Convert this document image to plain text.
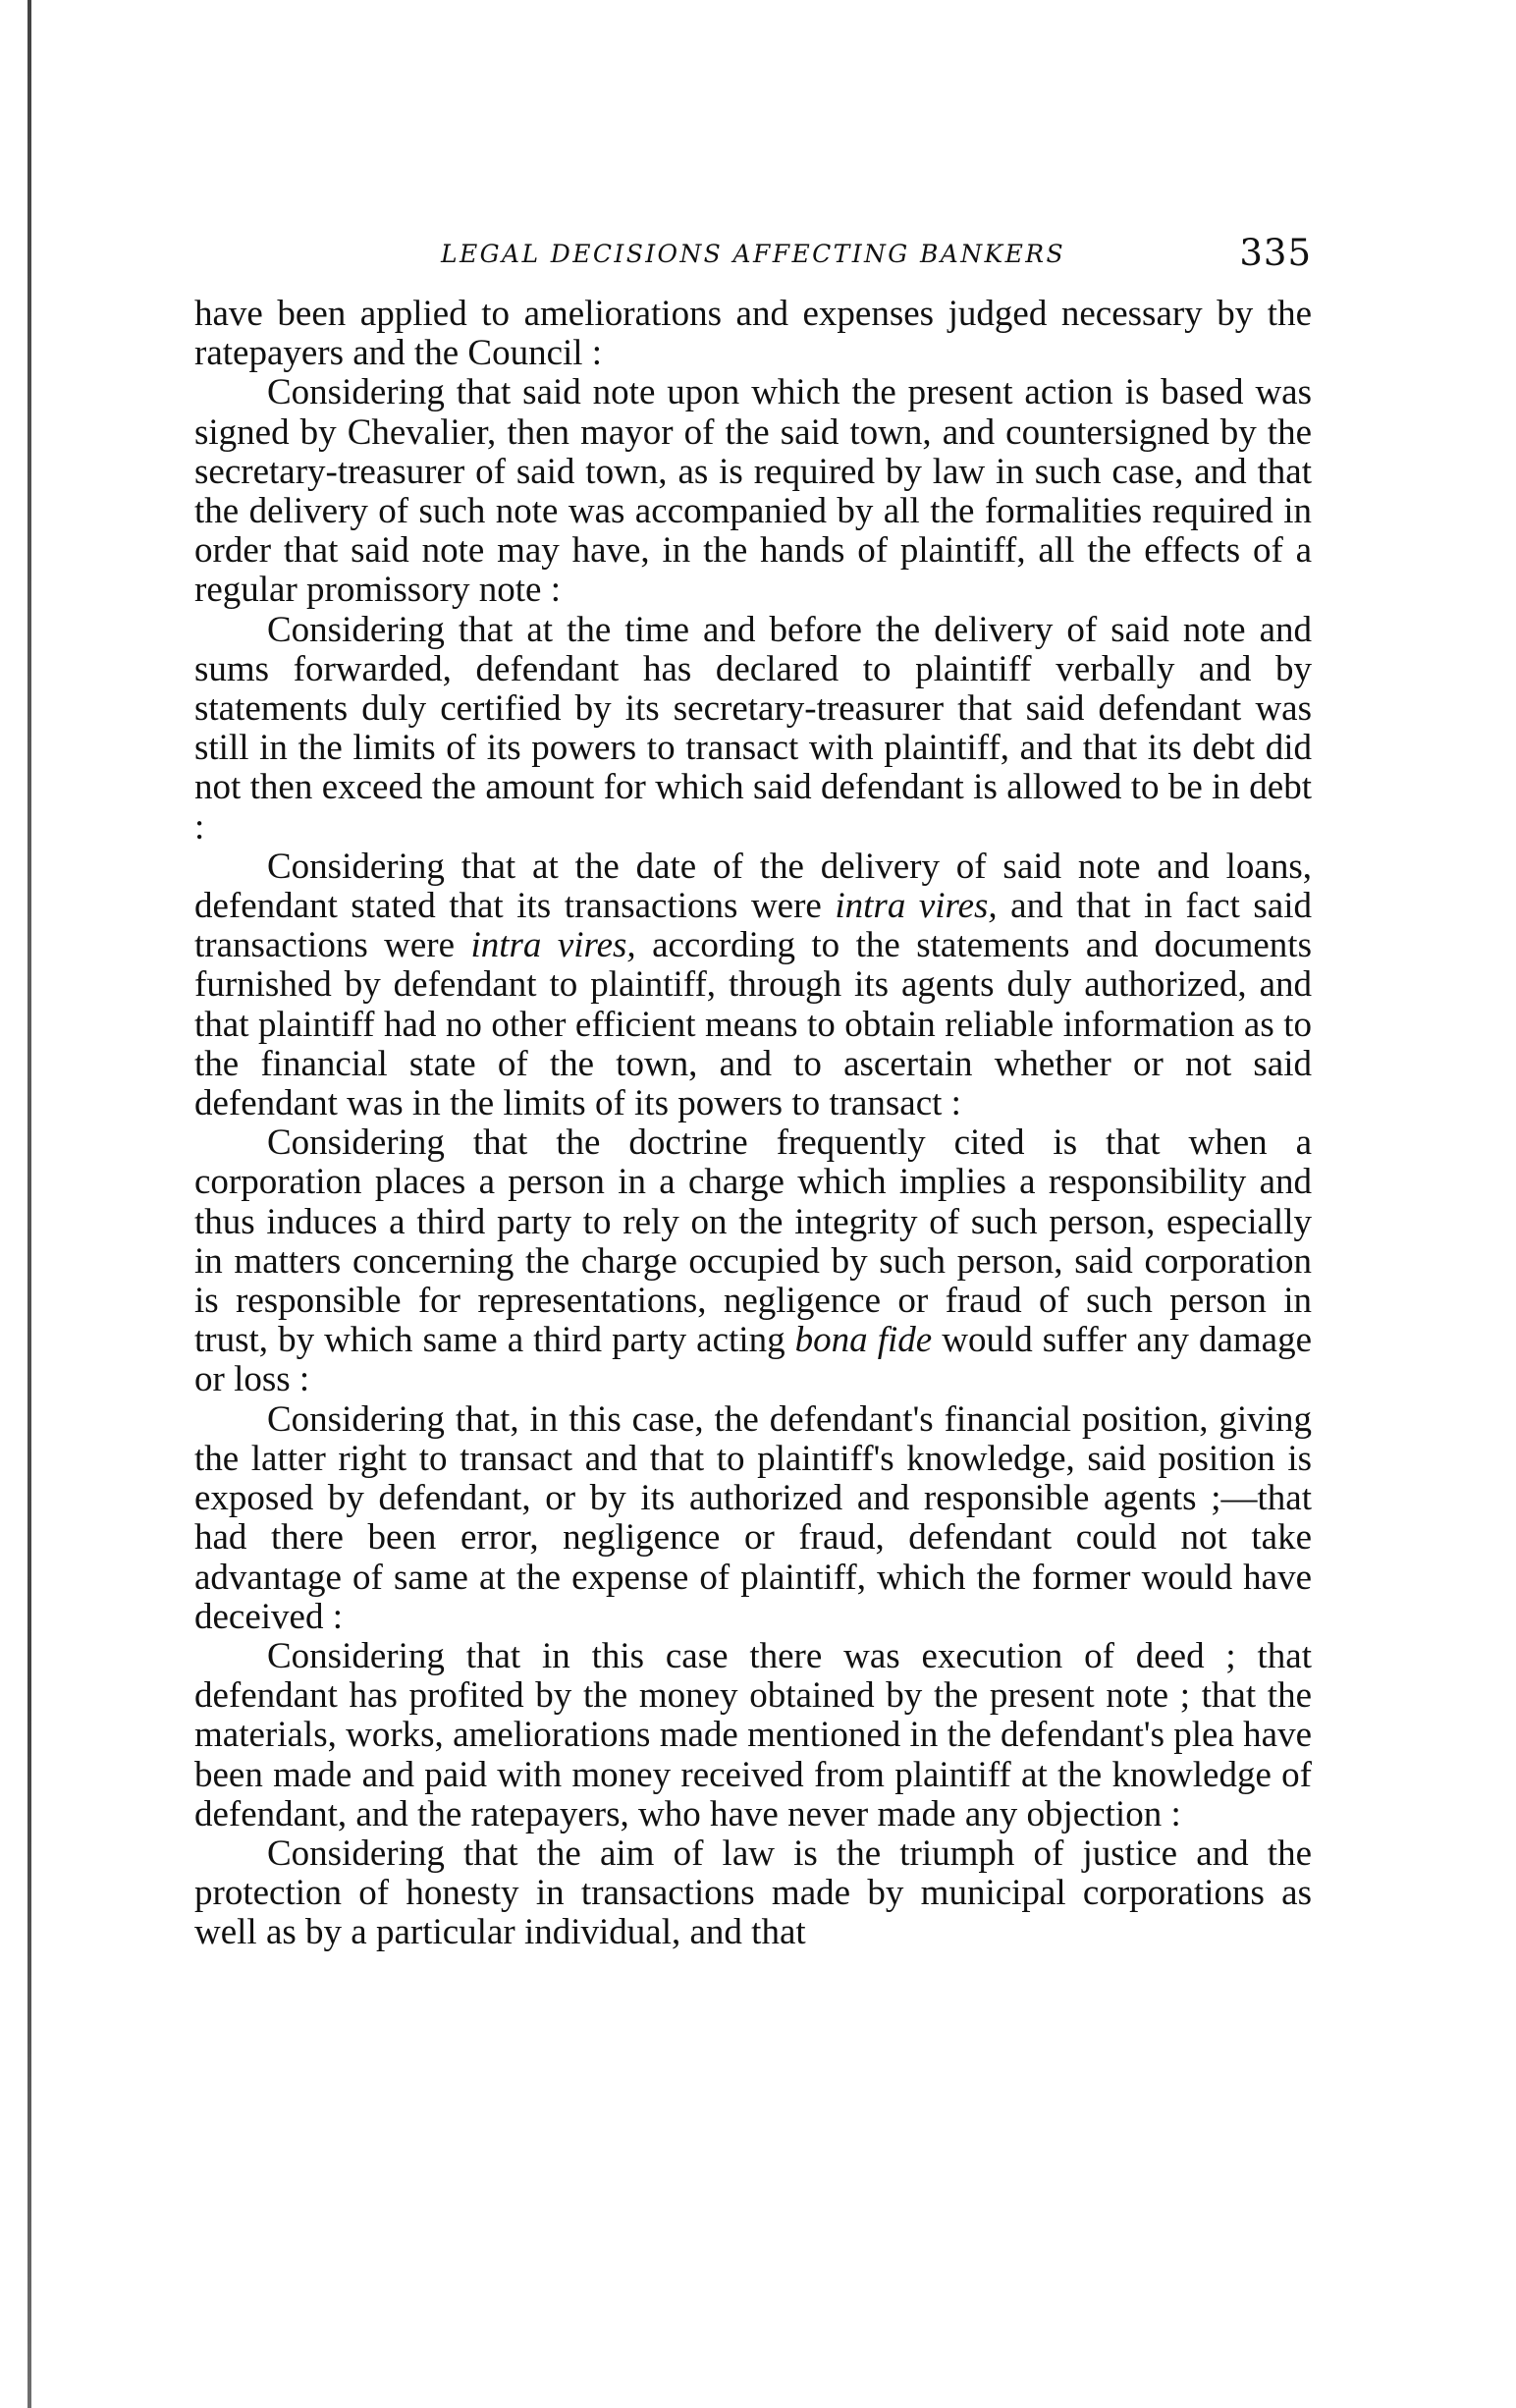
LEGAL DECISIONS AFFECTING BANKERS	335

have been applied to ameliorations and expenses judged necessary by the ratepayers and the Council :

Considering that said note upon which the present action is based was signed by Chevalier, then mayor of the said town, and countersigned by the secretary-treasurer of said town, as is required by law in such case, and that the delivery of such note was accompanied by all the formalities required in order that said note may have, in the hands of plaintiff, all the effects of a regular promissory note :

Considering that at the time and before the delivery of said note and sums forwarded, defendant has declared to plaintiff verbally and by statements duly certified by its secretary-treasurer that said defendant was still in the limits of its powers to transact with plaintiff, and that its debt did not then exceed the amount for which said defendant is allowed to be in debt :

Considering that at the date of the delivery of said note and loans, defendant stated that its transactions were intra vires, and that in fact said transactions were intra vires, according to the statements and documents furnished by defendant to plaintiff, through its agents duly authorized, and that plaintiff had no other efficient means to obtain reliable information as to the financial state of the town, and to ascertain whether or not said defendant was in the limits of its powers to transact :

Considering that the doctrine frequently cited is that when a corporation places a person in a charge which implies a responsibility and thus induces a third party to rely on the integrity of such person, especially in matters concerning the charge occupied by such person, said corporation is responsible for representations, negligence or fraud of such person in trust, by which same a third party acting bona fide would suffer any damage or loss :

Considering that, in this case, the defendant's financial position, giving the latter right to transact and that to plaintiff's knowledge, said position is exposed by defendant, or by its authorized and responsible agents ;—that had there been error, negligence or fraud, defendant could not take advantage of same at the expense of plaintiff, which the former would have deceived :

Considering that in this case there was execution of deed ; that defendant has profited by the money obtained by the present note ; that the materials, works, ameliorations made mentioned in the defendant's plea have been made and paid with money received from plaintiff at the knowledge of defendant, and the ratepayers, who have never made any objection :

Considering that the aim of law is the triumph of justice and the protection of honesty in transactions made by municipal corporations as well as by a particular individual, and that
